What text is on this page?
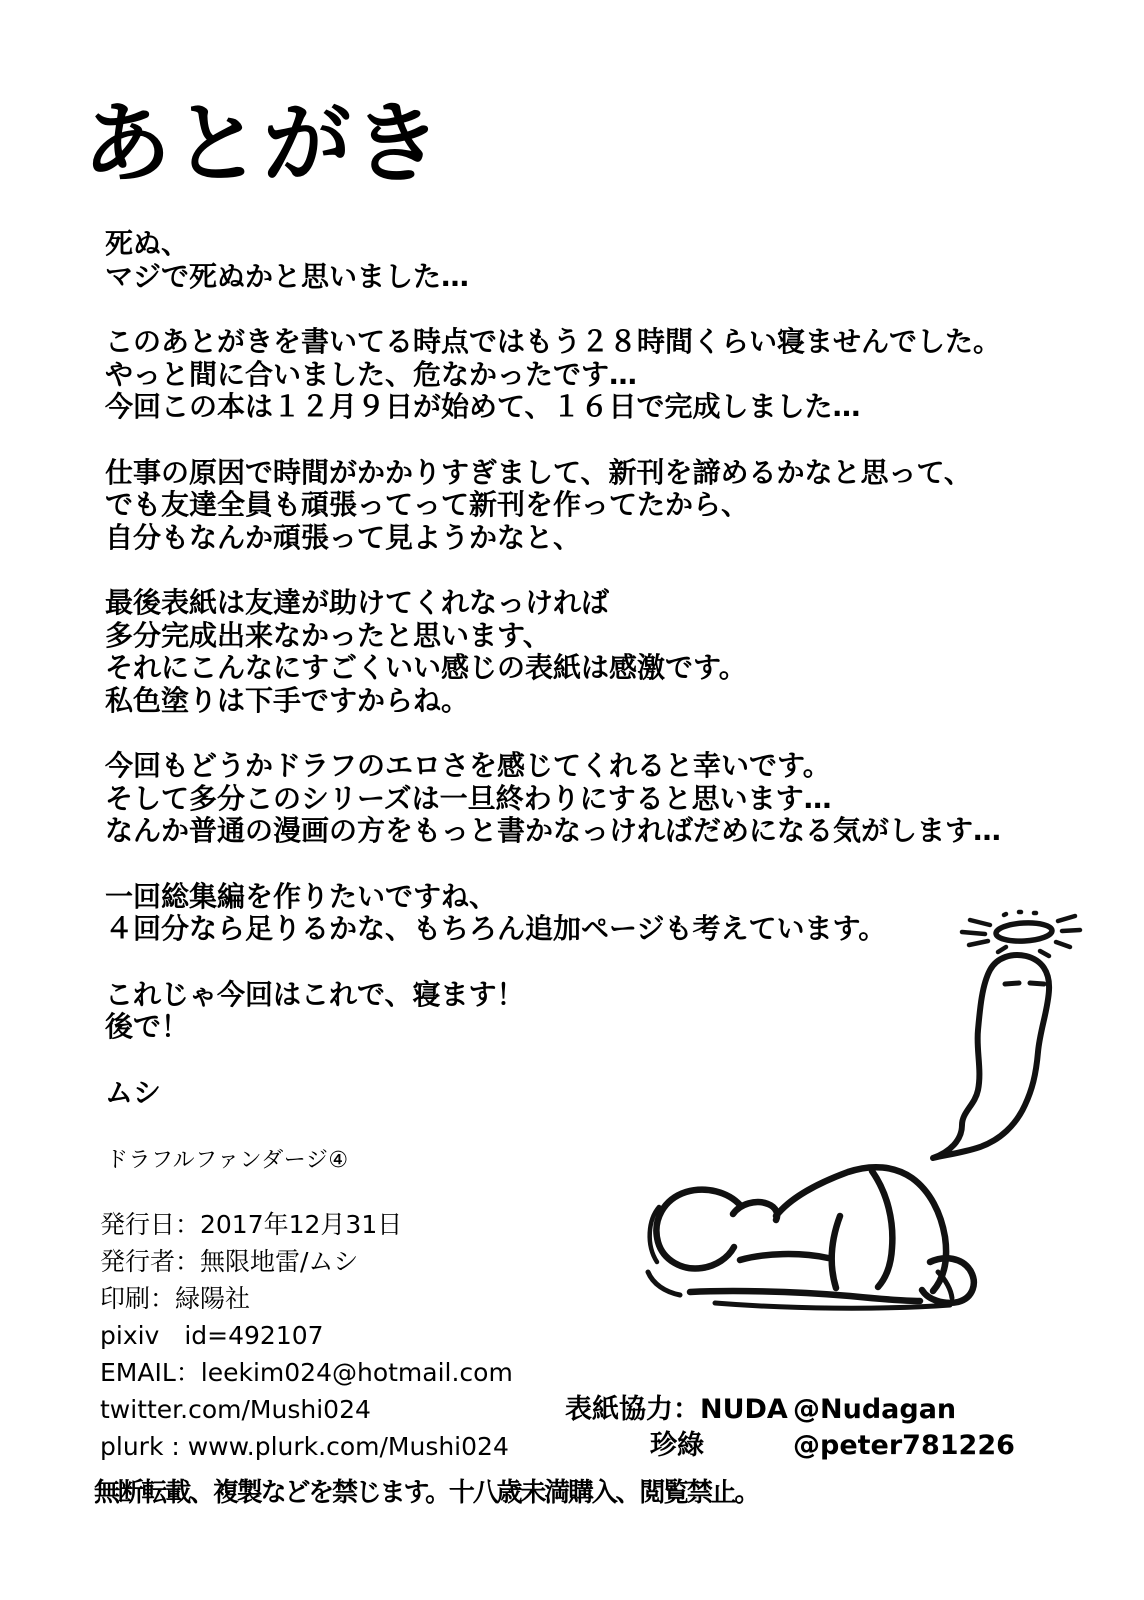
あとがき
死ぬ、
マジで死ぬかと思いました…
このあとがきを書いてる時点ではもう２８時間くらい寝ませんでした。
やっと間に合いました、危なかったです…
今回この本は１２月９日が始めて、１６日で完成しました…
仕事の原因で時間がかかりすぎまして、新刊を諦めるかなと思って、
でも友達全員も頑張ってって新刊を作ってたから、
自分もなんか頑張って見ようかなと、
最後表紙は友達が助けてくれなっければ
多分完成出来なかったと思います、
それにこんなにすごくいい感じの表紙は感激です。
私色塗りは下手ですからね。
今回もどうかドラフのエロさを感じてくれると幸いです。
そして多分このシリーズは一旦終わりにすると思います…
なんか普通の漫画の方をもっと書かなっければだめになる気がします…
一回総集編を作りたいですね、
４回分なら足りるかな、もちろん追加ページも考えています。
これじゃ今回はこれで、寝ます！
後で！
ムシ
ドラフルファンダージ④
発行日：2017年12月31日
発行者：無限地雷/ムシ
印刷：緑陽社
pixiv　id=492107
EMAIL：leekim024@hotmail.com
twitter.com/Mushi024
plurk : www.plurk.com/Mushi024
表紙協力：NUDA @Nudagan
珍綠	@peter781226
無断転載、複製などを禁じます。十八歳未満購入、閲覧禁止。
